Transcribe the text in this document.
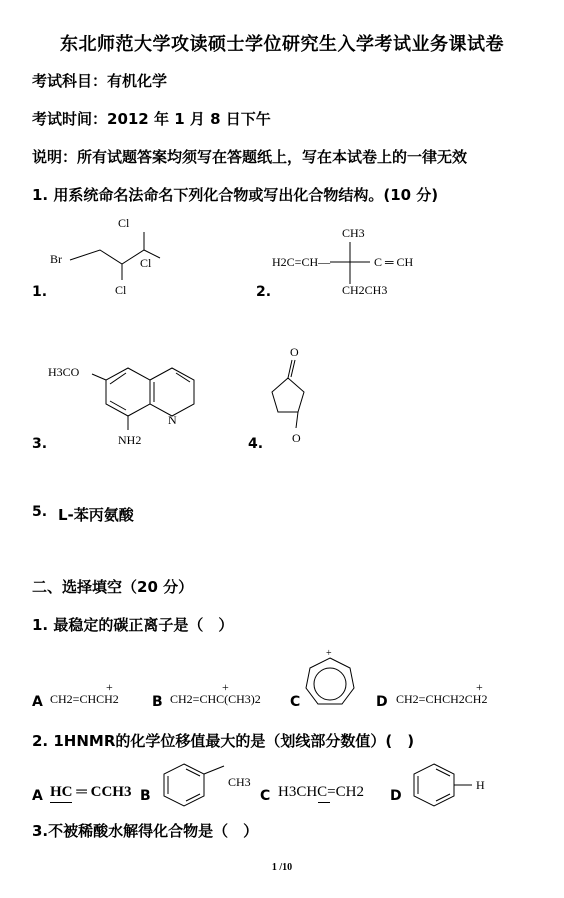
东北师范大学攻读硕士学位研究生入学考试业务课试卷
考试科目：有机化学
考试时间：2012 年 1 月 8 日下午
说明：所有试题答案均须写在答题纸上，写在本试卷上的一律无效
1. 用系统命名法命名下列化合物或写出化合物结构。(10 分)
1.
Br
Cl
Cl
Cl	2.
CH3
H2C=CH—	C ═ CH
CH2CH3
3.
H3CO
N
NH2	4.
O
O
5. L-苯丙氨酸
二、选择填空（20 分）
1. 最稳定的碳正离子是（　）
A CH2=CHCH2
+
B CH2=CHC(CH3)2
+
C
+
D CH2=CHCH2CH2
+
2. 1HNMR的化学位移值最大的是（划线部分数值）(　)
A HC ═ CCH3 B
CH3
C H3CHC=CH2 D
H
3.不被稀酸水解得化合物是（　）
1 /10
